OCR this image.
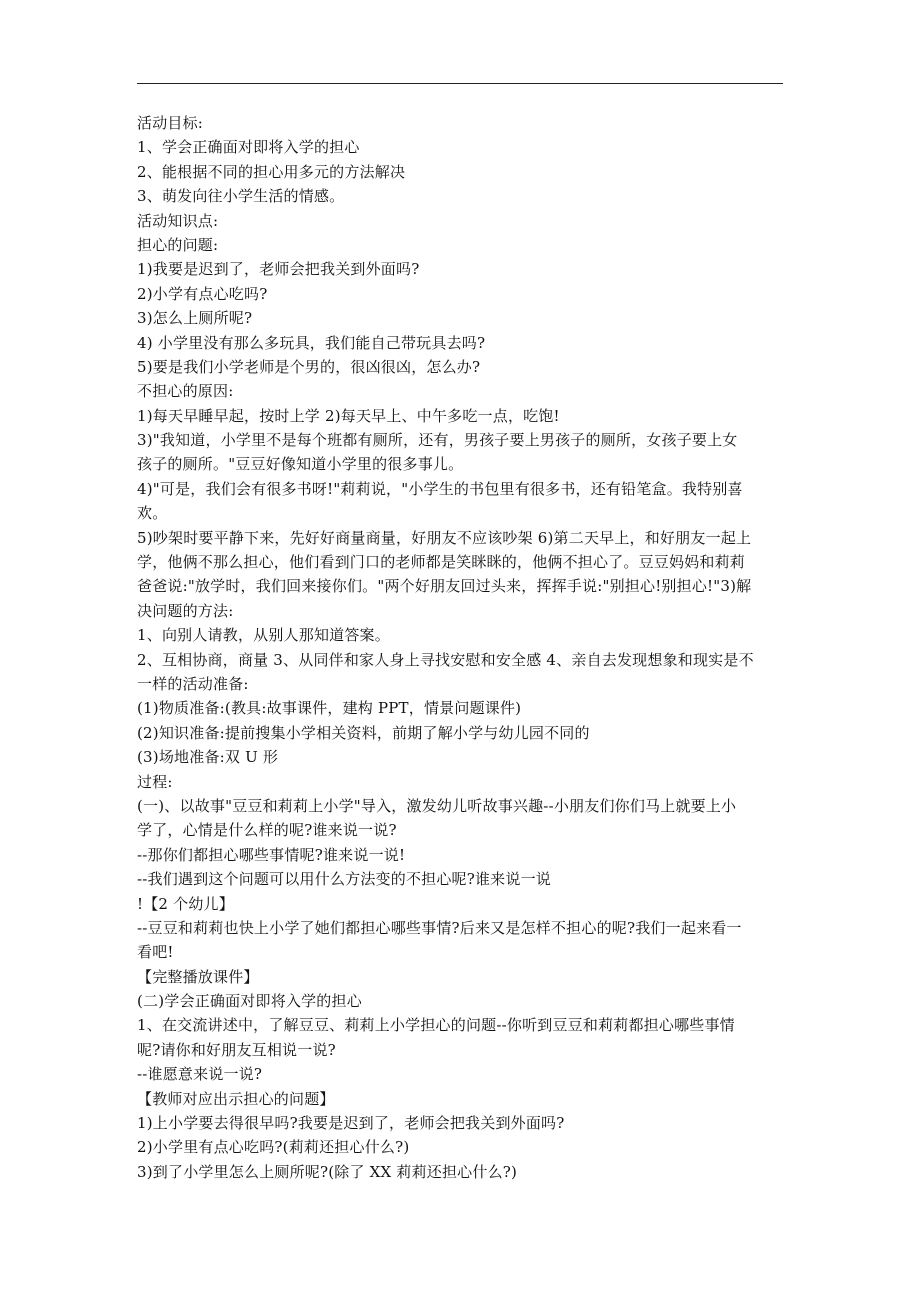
活动目标:
1、学会正确面对即将入学的担心
2、能根据不同的担心用多元的方法解决
3、萌发向往小学生活的情感。
活动知识点:
担心的问题:
1)我要是迟到了，老师会把我关到外面吗?
2)小学有点心吃吗?
3)怎么上厕所呢?
4) 小学里没有那么多玩具，我们能自己带玩具去吗?
5)要是我们小学老师是个男的，很凶很凶，怎么办?
不担心的原因:
1)每天早睡早起，按时上学 2)每天早上、中午多吃一点，吃饱!
3)"我知道，小学里不是每个班都有厕所，还有，男孩子要上男孩子的厕所，女孩子要上女
孩子的厕所。"豆豆好像知道小学里的很多事儿。
4)"可是，我们会有很多书呀!"莉莉说，"小学生的书包里有很多书，还有铅笔盒。我特别喜
欢。
5)吵架时要平静下来，先好好商量商量，好朋友不应该吵架 6)第二天早上，和好朋友一起上
学，他俩不那么担心，他们看到门口的老师都是笑眯眯的，他俩不担心了。豆豆妈妈和莉莉
爸爸说:"放学时，我们回来接你们。"两个好朋友回过头来，挥挥手说:"别担心!别担心!"3)解
决问题的方法:
1、向别人请教，从别人那知道答案。
2、互相协商，商量 3、从同伴和家人身上寻找安慰和安全感 4、亲自去发现想象和现实是不
一样的活动准备:
(1)物质准备:(教具:故事课件，建构 PPT，情景问题课件)
(2)知识准备:提前搜集小学相关资料，前期了解小学与幼儿园不同的
(3)场地准备:双 U 形
过程:
(一)、以故事"豆豆和莉莉上小学"导入，激发幼儿听故事兴趣--小朋友们你们马上就要上小
学了，心情是什么样的呢?谁来说一说?
--那你们都担心哪些事情呢?谁来说一说!
--我们遇到这个问题可以用什么方法变的不担心呢?谁来说一说
!【2 个幼儿】
--豆豆和莉莉也快上小学了她们都担心哪些事情?后来又是怎样不担心的呢?我们一起来看一
看吧!
【完整播放课件】
(二)学会正确面对即将入学的担心
1、在交流讲述中，了解豆豆、莉莉上小学担心的问题--你听到豆豆和莉莉都担心哪些事情
呢?请你和好朋友互相说一说?
--谁愿意来说一说?
【教师对应出示担心的问题】
1)上小学要去得很早吗?我要是迟到了，老师会把我关到外面吗?
2)小学里有点心吃吗?(莉莉还担心什么?)
3)到了小学里怎么上厕所呢?(除了 XX 莉莉还担心什么?)
